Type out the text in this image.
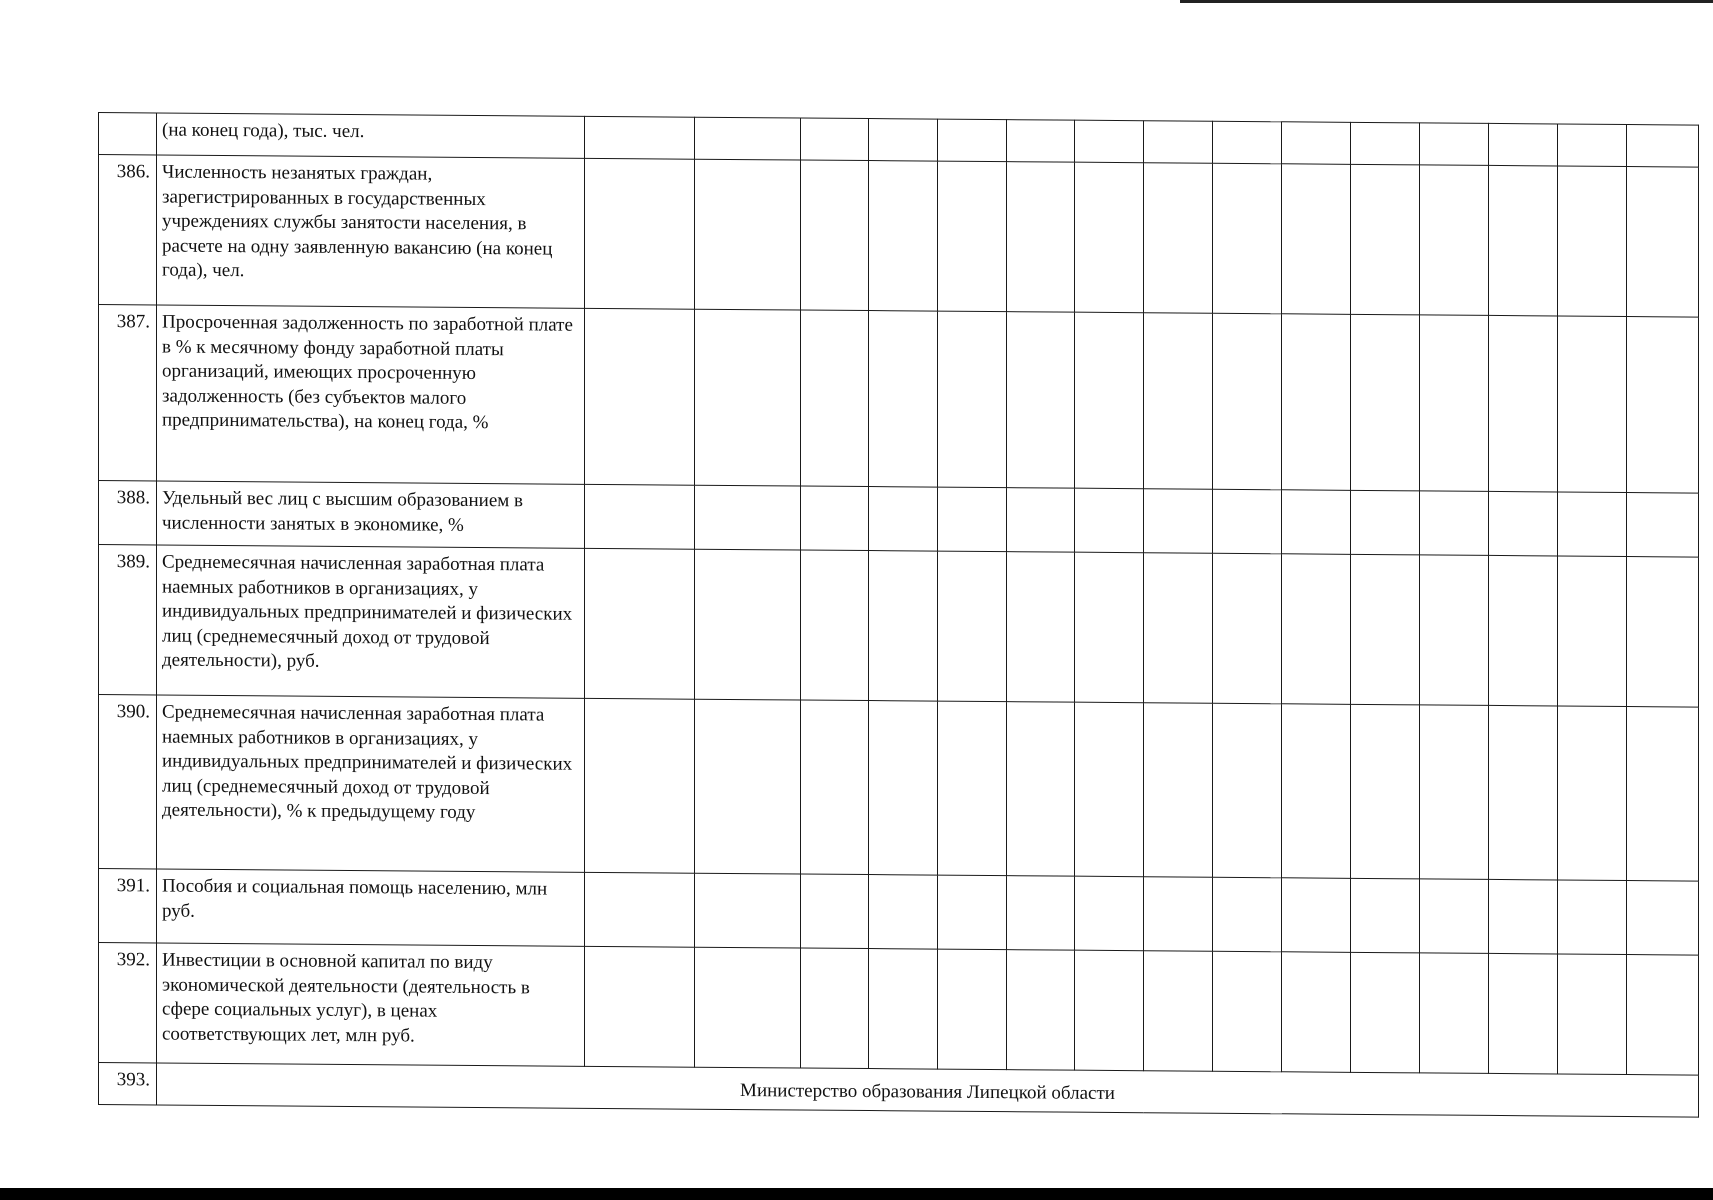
	(на конец года), тыс. чел.															
386.	Численность незанятых граждан, зарегистрированных в государственных учреждениях службы занятости населения, в расчете на одну заявленную вакансию (на конец года), чел.															
387.	Просроченная задолженность по заработной плате в % к месячному фонду заработной платы организаций, имеющих просроченную задолженность (без субъектов малого предпринимательства), на конец года, %															
388.	Удельный вес лиц с высшим образованием в численности занятых в экономике, %															
389.	Среднемесячная начисленная заработная плата наемных работников в организациях, у индивидуальных предпринимателей и физических лиц (среднемесячный доход от трудовой деятельности), руб.															
390.	Среднемесячная начисленная заработная плата наемных работников в организациях, у индивидуальных предпринимателей и физических лиц (среднемесячный доход от трудовой деятельности), % к предыдущему году															
391.	Пособия и социальная помощь населению, млн руб.															
392.	Инвестиции в основной капитал по виду экономической деятельности (деятельность в сфере социальных услуг), в ценах соответствующих лет, млн руб.															
393.	Министерство образования Липецкой области															
